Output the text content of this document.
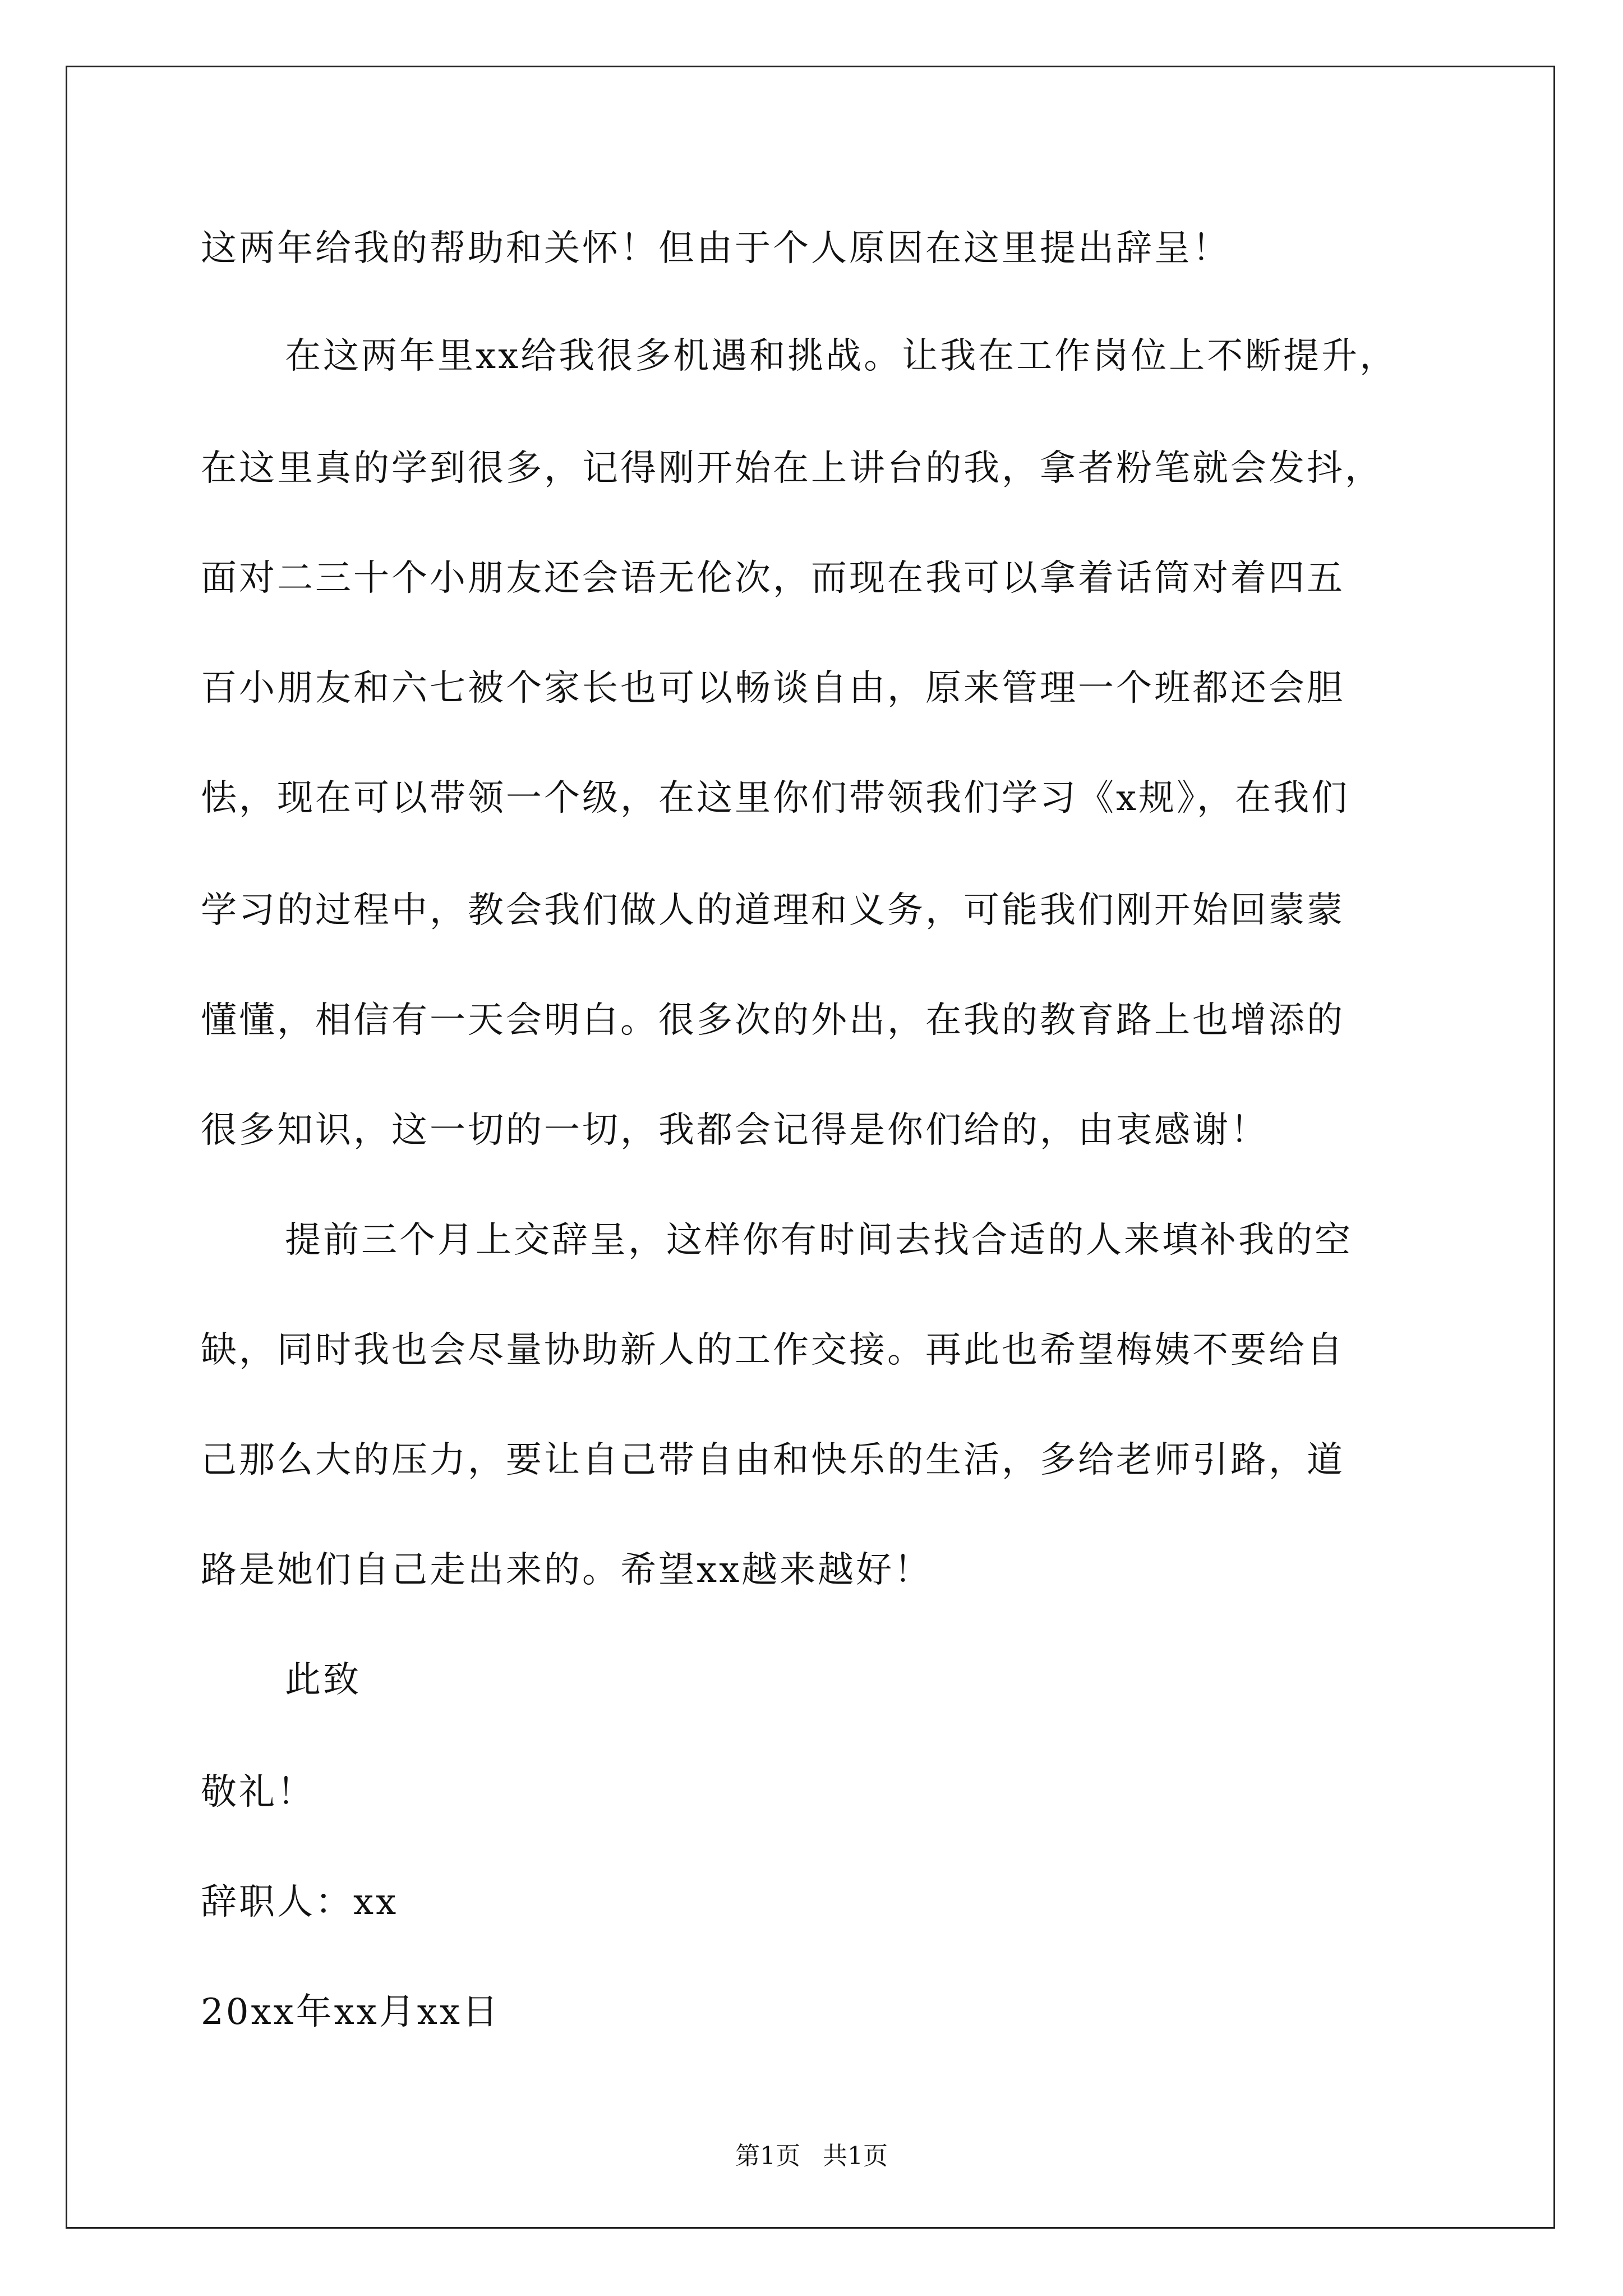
这两年给我的帮助和关怀！但由于个人原因在这里提出辞呈！
在这两年里xx给我很多机遇和挑战。让我在工作岗位上不断提升，
在这里真的学到很多，记得刚开始在上讲台的我，拿者粉笔就会发抖，
面对二三十个小朋友还会语无伦次，而现在我可以拿着话筒对着四五
百小朋友和六七被个家长也可以畅谈自由，原来管理一个班都还会胆
怯，现在可以带领一个级，在这里你们带领我们学习《x规》，在我们
学习的过程中，教会我们做人的道理和义务，可能我们刚开始回蒙蒙
懂懂，相信有一天会明白。很多次的外出，在我的教育路上也增添的
很多知识，这一切的一切，我都会记得是你们给的，由衷感谢！
提前三个月上交辞呈，这样你有时间去找合适的人来填补我的空
缺，同时我也会尽量协助新人的工作交接。再此也希望梅姨不要给自
己那么大的压力，要让自己带自由和快乐的生活，多给老师引路，道
路是她们自己走出来的。希望xx越来越好！
此致
敬礼！
辞职人：xx
20xx年xx月xx日
第1页 共1页
